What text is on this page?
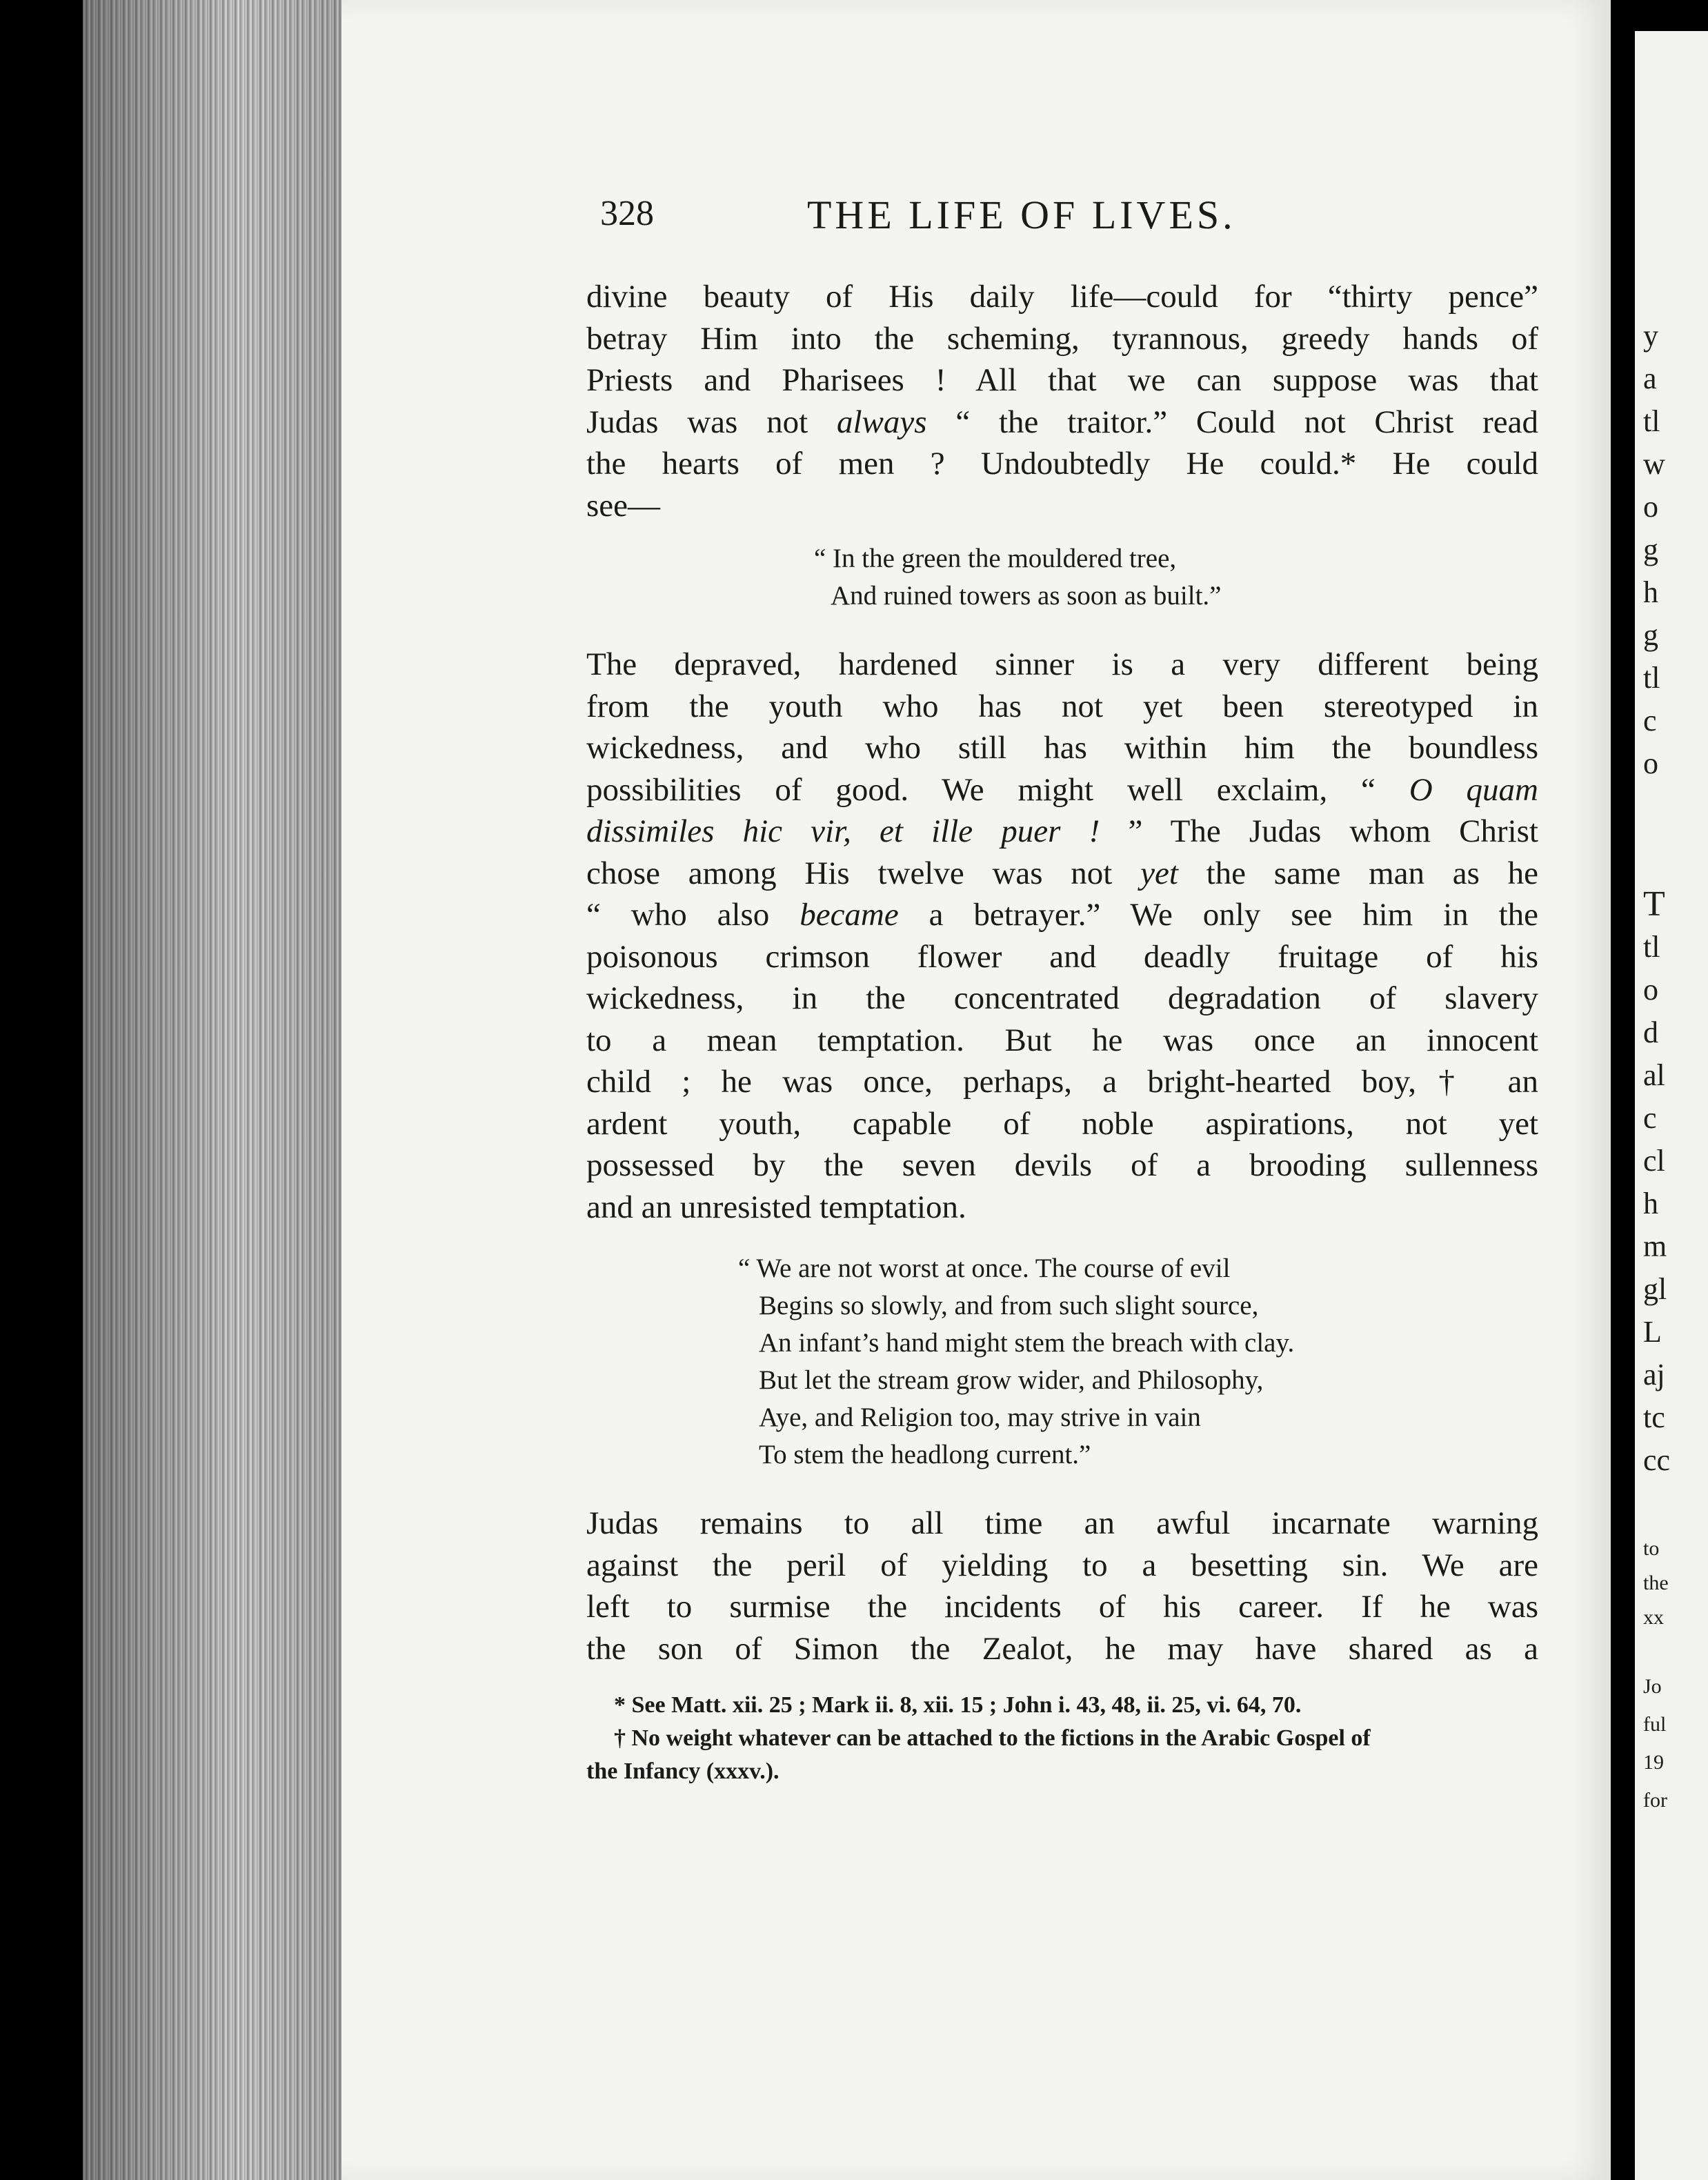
328	THE LIFE OF LIVES.

divine beauty of His daily life—could for “thirty pence”
betray Him into the scheming, tyrannous, greedy hands of
Priests and Pharisees ! All that we can suppose was that
Judas was not always “ the traitor.” Could not Christ read
the hearts of men ? Undoubtedly He could.* He could
see—

“ In the green the mouldered tree,
And ruined towers as soon as built.”

The depraved, hardened sinner is a very different being
from the youth who has not yet been stereotyped in
wickedness, and who still has within him the boundless
possibilities of good. We might well exclaim, “ O quam
dissimiles hic vir, et ille puer ! ” The Judas whom Christ
chose among His twelve was not yet the same man as he
“ who also became a betrayer.” We only see him in the
poisonous crimson flower and deadly fruitage of his
wickedness, in the concentrated degradation of slavery
to a mean temptation. But he was once an innocent
child ; he was once, perhaps, a bright-hearted boy,† an
ardent youth, capable of noble aspirations, not yet
possessed by the seven devils of a brooding sullenness
and an unresisted temptation.

“ We are not worst at once. The course of evil
Begins so slowly, and from such slight source,
An infant’s hand might stem the breach with clay.
But let the stream grow wider, and Philosophy,
Aye, and Religion too, may strive in vain
To stem the headlong current.”

Judas remains to all time an awful incarnate warning
against the peril of yielding to a besetting sin. We are
left to surmise the incidents of his career. If he was
the son of Simon the Zealot, he may have shared as a

* See Matt. xii. 25 ; Mark ii. 8, xii. 15 ; John i. 43, 48, ii. 25, vi. 64, 70.
† No weight whatever can be attached to the fictions in the Arabic Gospel of
the Infancy (xxxv.).
y
a
tl
w
o
g
h
g
tl
c
o
T
tl
o
d
al
c
cl
h
m
gl
L
aj
tc
cc
to
the
xx
Jo
ful
19
for
